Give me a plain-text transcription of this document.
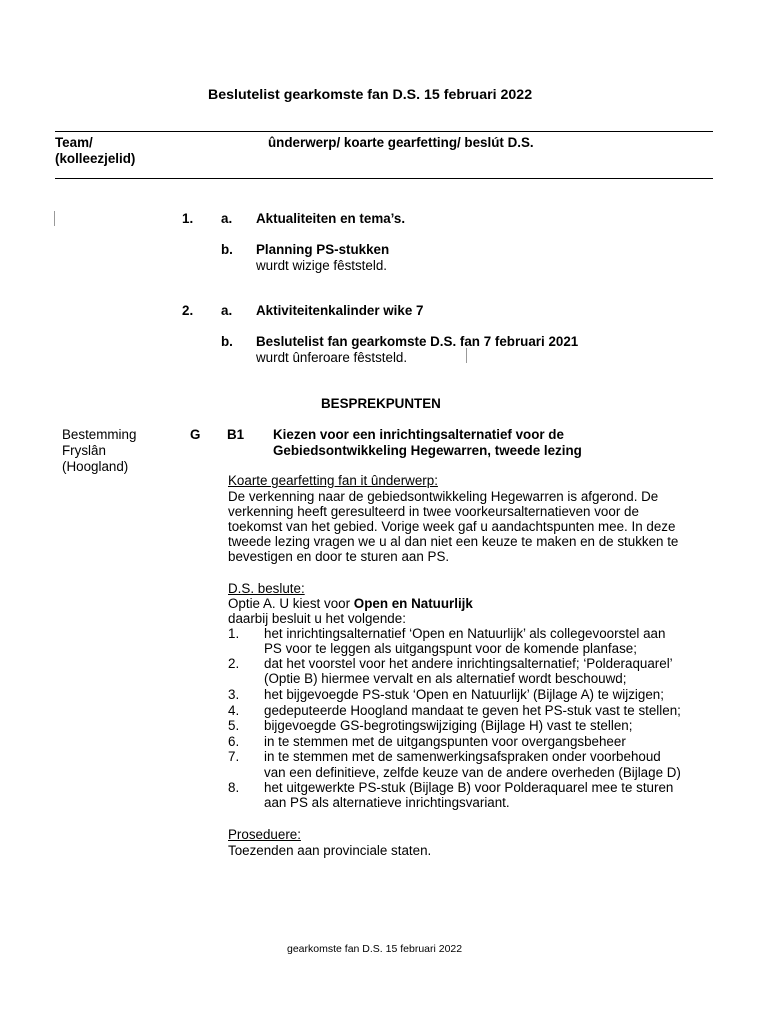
Beslutelist gearkomste fan D.S. 15 februari 2022
Team/
(kolleezjelid)
ûnderwerp/ koarte gearfetting/ beslút D.S.
1. a. Aktualiteiten en tema’s.
b. Planning PS-stukken
wurdt wizige fêststeld.
2. a. Aktiviteitenkalinder wike 7
b. Beslutelist fan gearkomste D.S. fan 7 februari 2021
wurdt ûnferoare fêststeld.
BESPREKPUNTEN
Bestemming
Fryslân
(Hoogland)
G B1 Kiezen voor een inrichtingsalternatief voor de
Gebiedsontwikkeling Hegewarren, tweede lezing
Koarte gearfetting fan it ûnderwerp:
De verkenning naar de gebiedsontwikkeling Hegewarren is afgerond. De
verkenning heeft geresulteerd in twee voorkeursalternatieven voor de
toekomst van het gebied. Vorige week gaf u aandachtspunten mee. In deze
tweede lezing vragen we u al dan niet een keuze te maken en de stukken te
bevestigen en door te sturen aan PS.
D.S. beslute:
Optie A. U kiest voor Open en Natuurlijk
daarbij besluit u het volgende:
1. het inrichtingsalternatief ‘Open en Natuurlijk’ als collegevoorstel aan
PS voor te leggen als uitgangspunt voor de komende planfase;
2. dat het voorstel voor het andere inrichtingsalternatief; ‘Polderaquarel’
(Optie B) hiermee vervalt en als alternatief wordt beschouwd;
3. het bijgevoegde PS-stuk ‘Open en Natuurlijk’ (Bijlage A) te wijzigen;
4. gedeputeerde Hoogland mandaat te geven het PS-stuk vast te stellen;
5. bijgevoegde GS-begrotingswijziging (Bijlage H) vast te stellen;
6. in te stemmen met de uitgangspunten voor overgangsbeheer
7. in te stemmen met de samenwerkingsafspraken onder voorbehoud
van een definitieve, zelfde keuze van de andere overheden (Bijlage D)
8. het uitgewerkte PS-stuk (Bijlage B) voor Polderaquarel mee te sturen
aan PS als alternatieve inrichtingsvariant.
Proseduere:
Toezenden aan provinciale staten.
gearkomste fan D.S. 15 februari 2022
